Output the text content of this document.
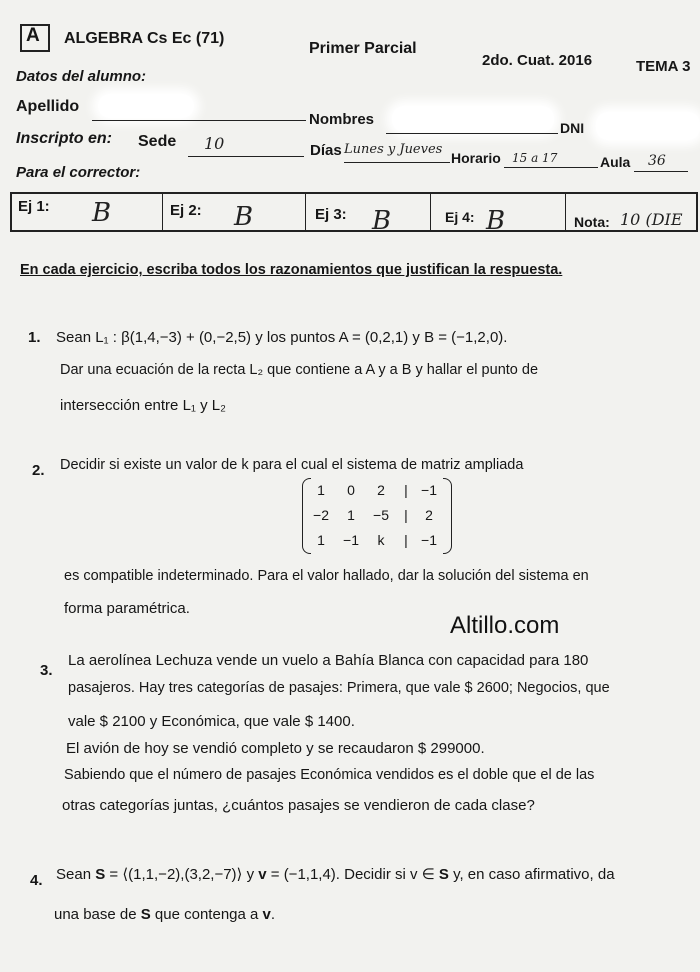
A ALGEBRA Cs Ec (71)
Primer Parcial
2do. Cuat. 2016	TEMA 3
Datos del alumno:
Apellido
Nombres	DNI
Inscripto en: Sede 10	Días Lunes y Jueves
Horario 15 a 17	Aula 36
Para el corrector:
Ej 1: B	Ej 2: B	Ej 3: B	Ej 4: B	Nota: 10 (DIE
En cada ejercicio, escriba todos los razonamientos que justifican la respuesta.
1. Sean L₁ : β(1,4,−3) + (0,−2,5) y los puntos A = (0,2,1) y B = (−1,2,0).
Dar una ecuación de la recta L₂ que contiene a A y a B y hallar el punto de
intersección entre L₁ y L₂
2. Decidir si existe un valor de k para el cual el sistema de matriz ampliada
1	0	2	| −1
−2	1	−5	|	2
1	−1	k	| −1
es compatible indeterminado. Para el valor hallado, dar la solución del sistema en
forma paramétrica.
Altillo.com
3.
La aerolínea Lechuza vende un vuelo a Bahía Blanca con capacidad para 180
pasajeros. Hay tres categorías de pasajes: Primera, que vale $ 2600; Negocios, que
vale $ 2100 y Económica, que vale $ 1400.
El avión de hoy se vendió completo y se recaudaron $ 299000.
Sabiendo que el número de pasajes Económica vendidos es el doble que el de las
otras categorías juntas, ¿cuántos pasajes se vendieron de cada clase?
4. Sean S = ⟨(1,1,−2),(3,2,−7)⟩ y v = (−1,1,4). Decidir si v ∈ S y, en caso afirmativo, da
una base de S que contenga a v.
